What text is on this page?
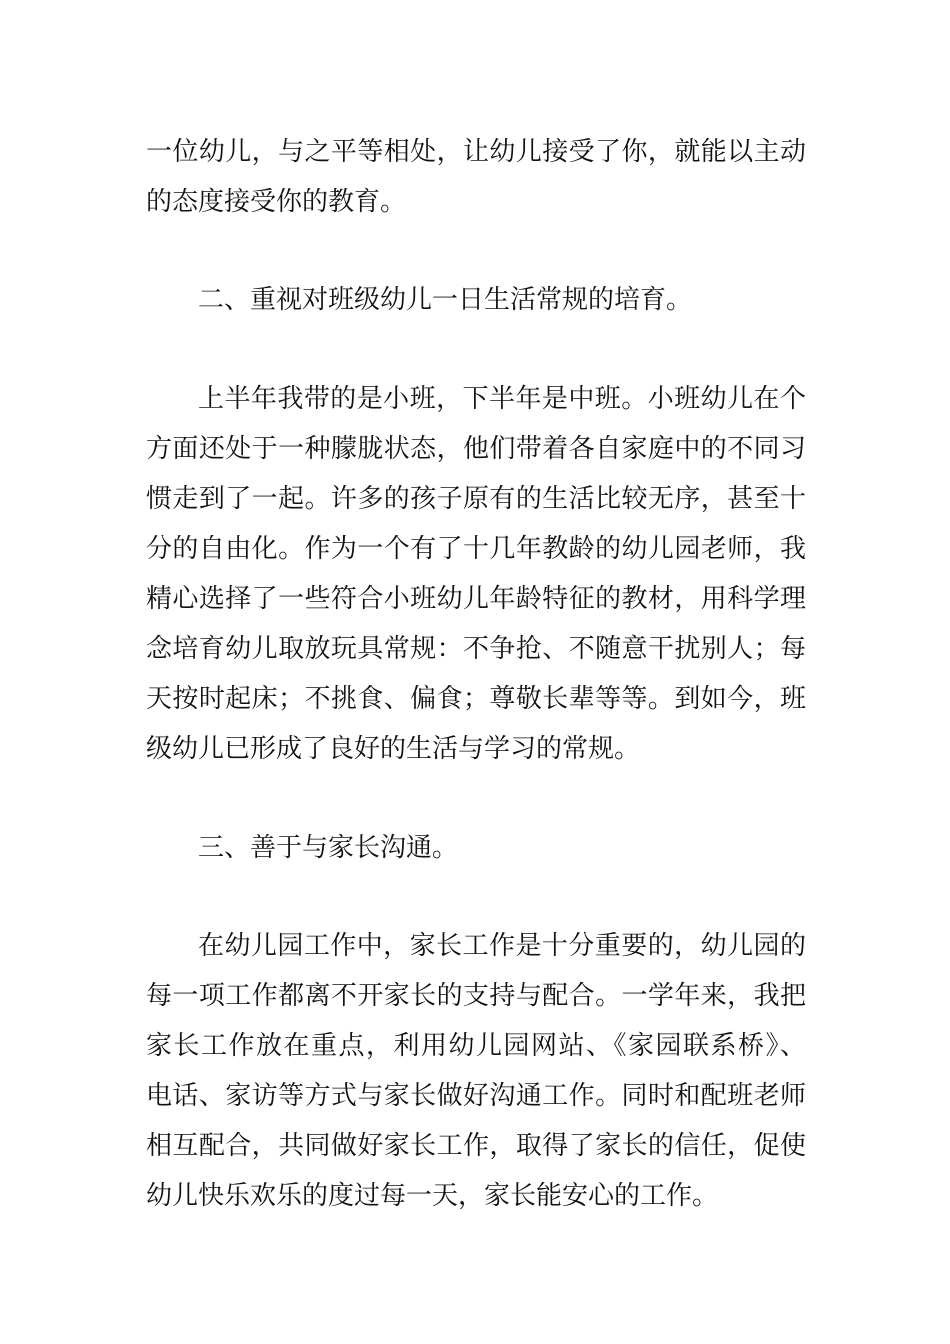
一位幼儿，与之平等相处，让幼儿接受了你，就能以主动
的态度接受你的教育。
二、重视对班级幼儿一日生活常规的培育。
上半年我带的是小班，下半年是中班。小班幼儿在个
方面还处于一种朦胧状态，他们带着各自家庭中的不同习
惯走到了一起。许多的孩子原有的生活比较无序，甚至十
分的自由化。作为一个有了十几年教龄的幼儿园老师，我
精心选择了一些符合小班幼儿年龄特征的教材，用科学理
念培育幼儿取放玩具常规：不争抢、不随意干扰别人；每
天按时起床；不挑食、偏食；尊敬长辈等等。到如今，班
级幼儿已形成了良好的生活与学习的常规。
三、善于与家长沟通。
在幼儿园工作中，家长工作是十分重要的，幼儿园的
每一项工作都离不开家长的支持与配合。一学年来，我把
家长工作放在重点，利用幼儿园网站、《家园联系桥》、
电话、家访等方式与家长做好沟通工作。同时和配班老师
相互配合，共同做好家长工作，取得了家长的信任，促使
幼儿快乐欢乐的度过每一天，家长能安心的工作。
